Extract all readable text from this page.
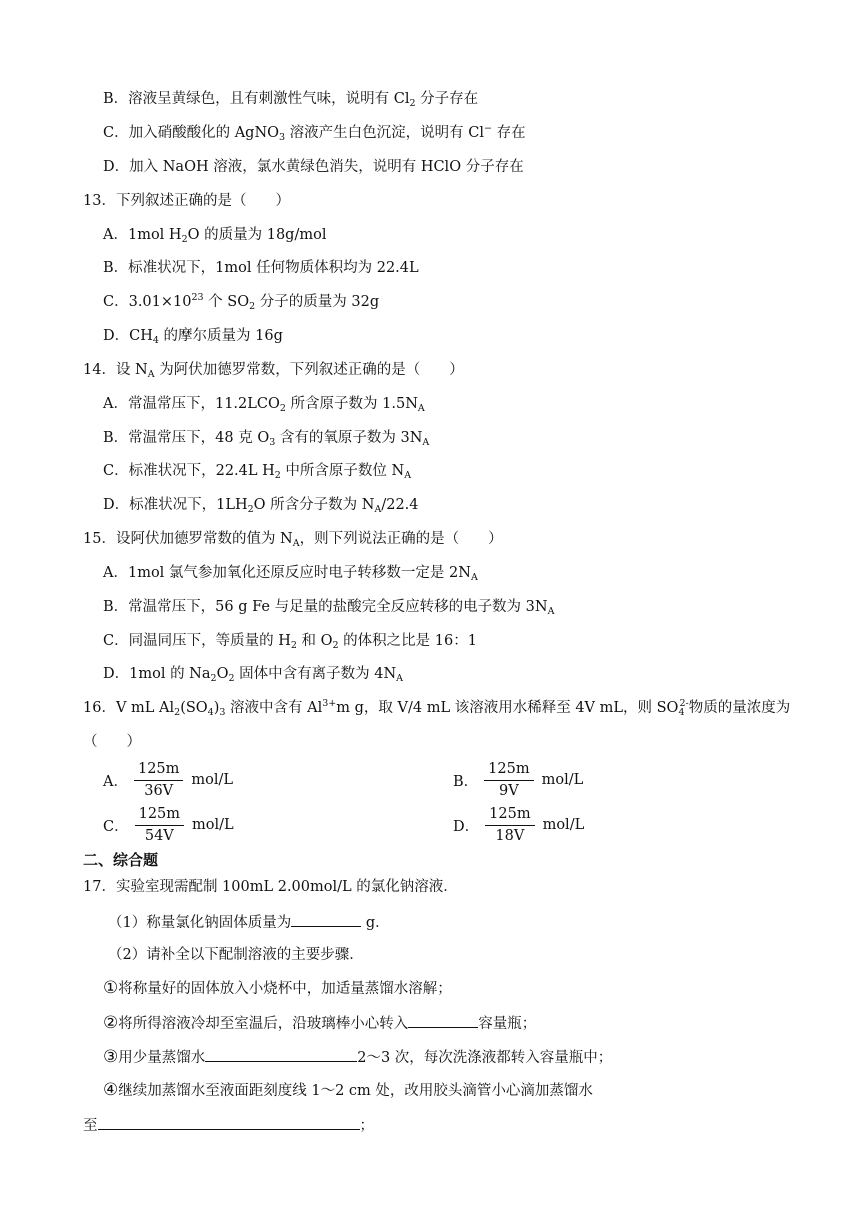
B．溶液呈黄绿色，且有刺激性气味，说明有 $Cl_2$ 分子存在
C．加入硝酸酸化的 AgNO$_3$ 溶液产生白色沉淀，说明有 Cl− 存在
D．加入 NaOH 溶液，氯水黄绿色消失，说明有 HClO 分子存在
13．下列叙述正确的是（　　）
A．1mol $H_2O$ 的质量为 18g/mol
B．标准状况下，1mol 任何物质体积均为 22.4L
C．$3.01\times 10^{23}$ 个 $SO_2$ 分子的质量为 32g
D．$CH_4$ 的摩尔质量为 16g
14．设 $N_A$ 为阿伏加德罗常数，下列叙述正确的是（　　）
A．常温常压下，$11.2LCO_2$ 所含原子数为 $1.5N_A$
B．常温常压下，48 克 $O_3$ 含有的氧原子数为 $3N_A$
C．标准状况下，22.4L $H_2$ 中所含原子数位 $N_A$
D．标准状况下，$1LH_2O$ 所含分子数为 $N_A/22.4$
15．设阿伏加德罗常数的值为 $N_A$，则下列说法正确的是（　　）
A．1mol 氯气参加氧化还原反应时电子转移数一定是 $2N_A$
B．常温常压下，56 g Fe 与足量的盐酸完全反应转移的电子数为 $3N_A$
C．同温同压下，等质量的 $H_2$ 和 $O_2$ 的体积之比是 16：1
D．1mol 的 $Na_2O_2$ 固体中含有离子数为 $4N_A$
16．V mL $Al_2(SO_4)_3$ 溶液中含有 $Al^{3+}m$ g，取 V/4 mL 该溶液用水稀释至 4V mL，则 $SO_4^{2-}$物质的量浓度为
（　　）
A． $\frac{125m}{36V} mol/L$	B． $\frac{125m}{9V} mol/L$
C． $\frac{125m}{54V} mol/L$	D． $\frac{125m}{18V} mol/L$
二、综合题
17．实验室现需配制 100mL 2.00mol/L 的氯化钠溶液．
（1）称量氯化钠固体质量为	g．
（2）请补全以下配制溶液的主要步骤．
①将称量好的固体放入小烧杯中，加适量蒸馏水溶解；
②将所得溶液冷却至室温后，沿玻璃棒小心转入	容量瓶；
③用少量蒸馏水	2～3 次，每次洗涤液都转入容量瓶中；
④继续加蒸馏水至液面距刻度线 1～2 cm 处，改用胶头滴管小心滴加蒸馏水
至	；
